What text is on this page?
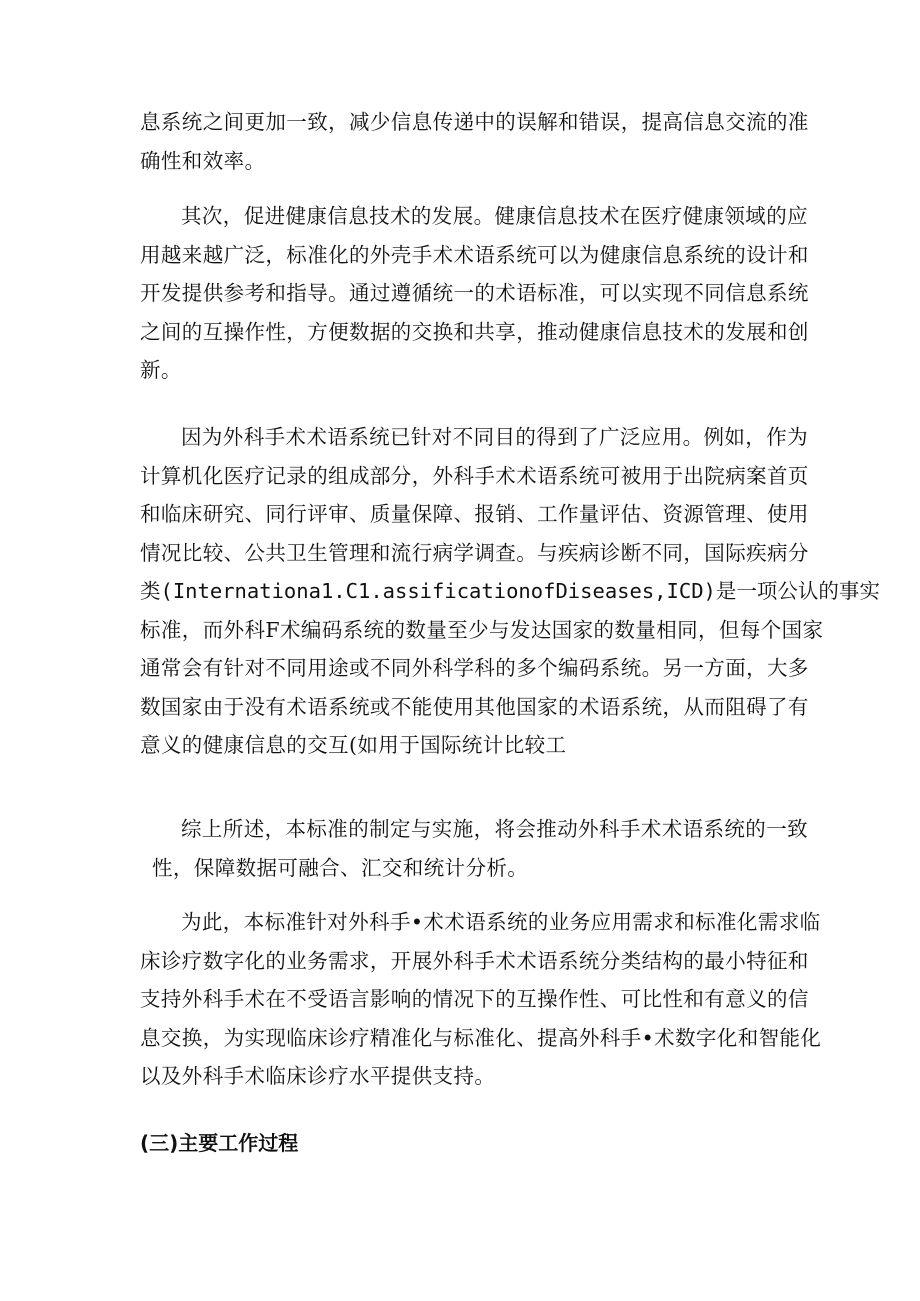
息系统之间更加一致，减少信息传递中的误解和错误，提高信息交流的准
确性和效率。
其次，促进健康信息技术的发展。健康信息技术在医疗健康领域的应
用越来越广泛，标准化的外壳手术术语系统可以为健康信息系统的设计和
开发提供参考和指导。通过遵循统一的术语标准，可以实现不同信息系统
之间的互操作性，方便数据的交换和共享，推动健康信息技术的发展和创
新。
因为外科手术术语系统已针对不同目的得到了广泛应用。例如，作为
计算机化医疗记录的组成部分，外科手术术语系统可被用于出院病案首页
和临床研究、同行评审、质量保障、报销、工作量评估、资源管理、使用
情况比较、公共卫生管理和流行病学调查。与疾病诊断不同，国际疾病分
类(Internationa1.C1.assificationofDiseases,ICD)是一项公认的事实
标准，而外科F术编码系统的数量至少与发达国家的数量相同，但每个国家
通常会有针对不同用途或不同外科学科的多个编码系统。另一方面，大多
数国家由于没有术语系统或不能使用其他国家的术语系统，从而阻碍了有
意义的健康信息的交互(如用于国际统计比较工
综上所述，本标准的制定与实施，将会推动外科手术术语系统的一致
性，保障数据可融合、汇交和统计分析。
为此，本标准针对外科手•术术语系统的业务应用需求和标准化需求临
床诊疗数字化的业务需求，开展外科手术术语系统分类结构的最小特征和
支持外科手术在不受语言影响的情况下的互操作性、可比性和有意义的信
息交换，为实现临床诊疗精准化与标准化、提高外科手•术数字化和智能化
以及外科手术临床诊疗水平提供支持。
(三)主要工作过程
